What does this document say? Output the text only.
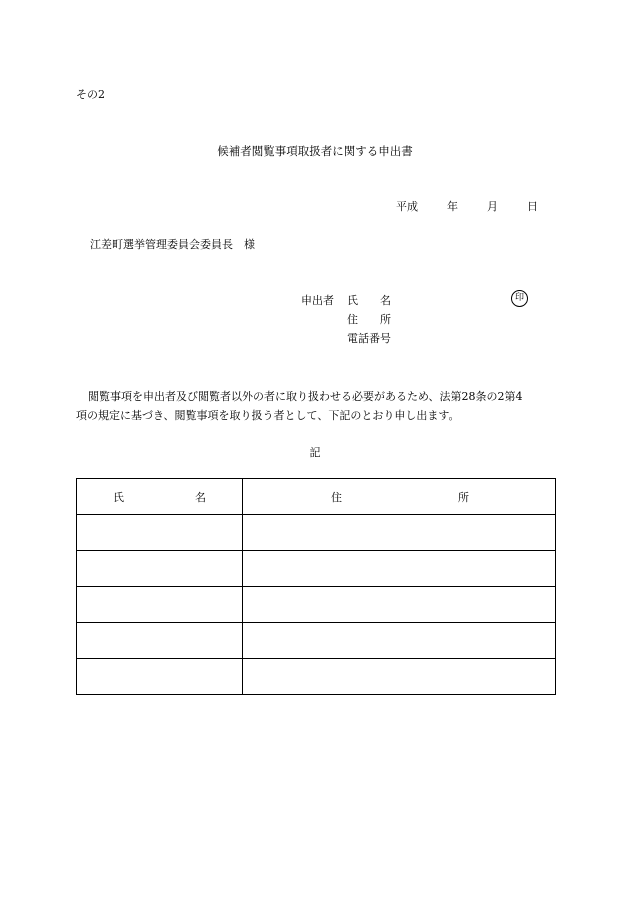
その2
候補者閲覧事項取扱者に関する申出書
平成	年	月	日
江差町選挙管理委員会委員長　様
申出者 氏 名	印
住 所
電話番号
閲覧事項を申出者及び閲覧者以外の者に取り扱わせる必要があるため、法第28条の2第4
項の規定に基づき、閲覧事項を取り扱う者として、下記のとおり申し出ます。
記
氏 名	住 所
